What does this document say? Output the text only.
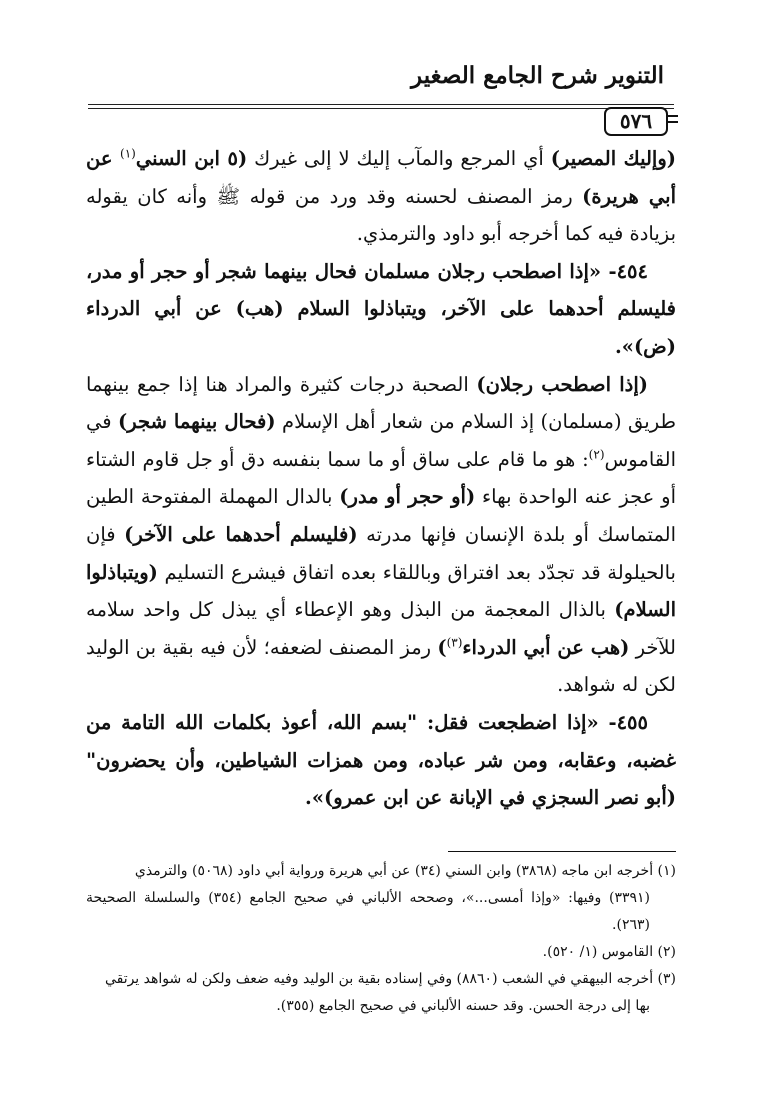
التنوير شرح الجامع الصغير
٥٧٦

(وإليك المصير) أي المرجع والمآب إليك لا إلى غيرك (٥ ابن السني$^{(١)}$ عن أبي هريرة) رمز المصنف لحسنه وقد ورد من قوله ﷺ وأنه كان يقوله بزيادة فيه كما أخرجه أبو داود والترمذي.

٤٥٤- «إذا اصطحب رجلان مسلمان فحال بينهما شجر أو حجر أو مدر، فليسلم أحدهما على الآخر، ويتباذلوا السلام (هب) عن أبي الدرداء (ض)».

(إذا اصطحب رجلان) الصحبة درجات كثيرة والمراد هنا إذا جمع بينهما طريق (مسلمان) إذ السلام من شعار أهل الإسلام (فحال بينهما شجر) في القاموس$^{(٢)}$: هو ما قام على ساق أو ما سما بنفسه دق أو جل قاوم الشتاء أو عجز عنه الواحدة بهاء (أو حجر أو مدر) بالدال المهملة المفتوحة الطين المتماسك أو بلدة الإنسان فإنها مدرته (فليسلم أحدهما على الآخر) فإن بالحيلولة قد تجدّد بعد افتراق وباللقاء بعده اتفاق فيشرع التسليم (ويتباذلوا السلام) بالذال المعجمة من البذل وهو الإعطاء أي يبذل كل واحد سلامه للآخر (هب عن أبي الدرداء$^{(٣)}$) رمز المصنف لضعفه؛ لأن فيه بقية بن الوليد لكن له شواهد.

٤٥٥- «إذا اضطجعت فقل: "بسم الله، أعوذ بكلمات الله التامة من غضبه، وعقابه، ومن شر عباده، ومن همزات الشياطين، وأن يحضرون" (أبو نصر السجزي في الإبانة عن ابن عمرو)».

(١) أخرجه ابن ماجه (٣٨٦٨) وابن السني (٣٤) عن أبي هريرة ورواية أبي داود (٥٠٦٨) والترمذي

(٣٣٩١) وفيها: «وإذا أمسى...»، وصححه الألباني في صحيح الجامع (٣٥٤) والسلسلة الصحيحة (٢٦٣).

(٢) القاموس (١/ ٥٢٠).

(٣) أخرجه البيهقي في الشعب (٨٨٦٠) وفي إسناده بقية بن الوليد وفيه ضعف ولكن له شواهد يرتقي

بها إلى درجة الحسن. وقد حسنه الألباني في صحيح الجامع (٣٥٥).
